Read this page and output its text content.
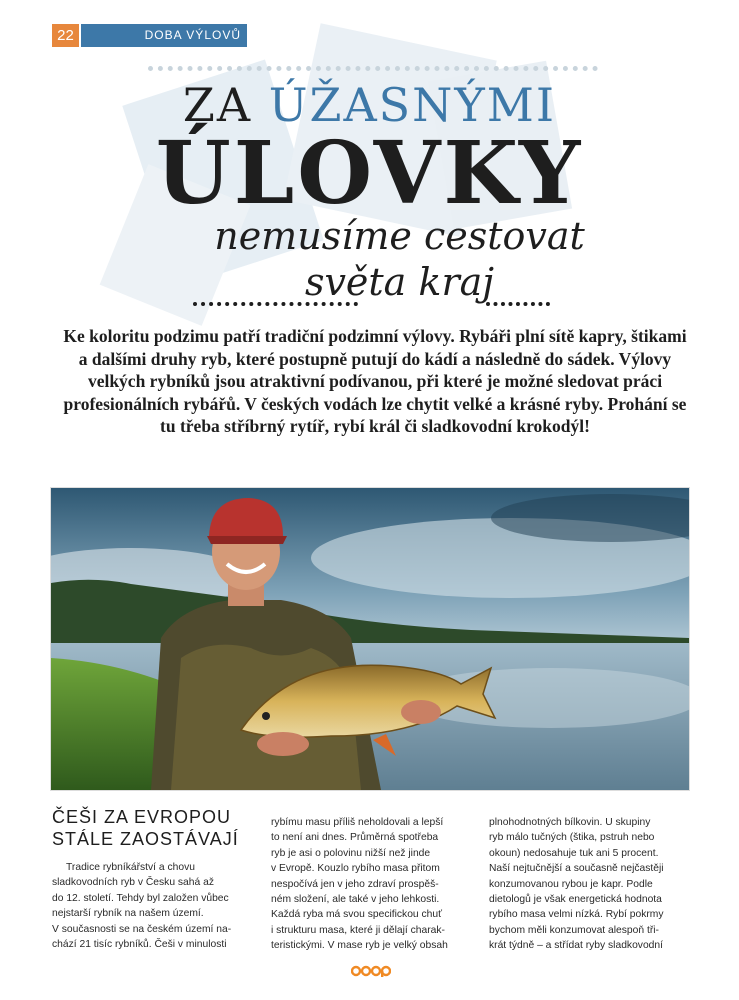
22	DOBA VÝLOVŮ
ZA ÚŽASNÝMI
ÚLOVKY
nemusíme cestovat
světa kraj
Ke koloritu podzimu patří tradiční podzimní výlovy. Rybáři plní sítě kapry, štikami a dalšími druhy ryb, které postupně putují do kádí a následně do sádek. Výlovy velkých rybníků jsou atraktivní podívanou, při které je možné sledovat práci profesionálních rybářů. V českých vodách lze chytit velké a krásné ryby. Prohání se tu třeba stříbrný rytíř, rybí král či sladkovodní krokodýl!
ČEŠI ZA EVROPOU
STÁLE ZAOSTÁVAJÍ
Tradice rybníkářství a chovu
sladkovodních ryb v Česku sahá až
do 12. století. Tehdy byl založen vůbec
nejstarší rybník na našem území.
V současnosti se na českém území na-
chází 21 tisíc rybníků. Češi v minulosti
rybímu masu příliš neholdovali a lepší
to není ani dnes. Průměrná spotřeba
ryb je asi o polovinu nižší než jinde
v Evropě. Kouzlo rybího masa přitom
nespočívá jen v jeho zdraví prospěš-
ném složení, ale také v jeho lehkosti.
Každá ryba má svou specifickou chuť
i strukturu masa, které ji dělají charak-
teristickými. V mase ryb je velký obsah
plnohodnotných bílkovin. U skupiny
ryb málo tučných (štika, pstruh nebo
okoun) nedosahuje tuk ani 5 procent.
Naší nejtučnější a současně nejčastěji
konzumovanou rybou je kapr. Podle
dietologů je však energetická hodnota
rybího masa velmi nízká. Rybí pokrmy
bychom měli konzumovat alespoň tři-
krát týdně – a střídat ryby sladkovodní
